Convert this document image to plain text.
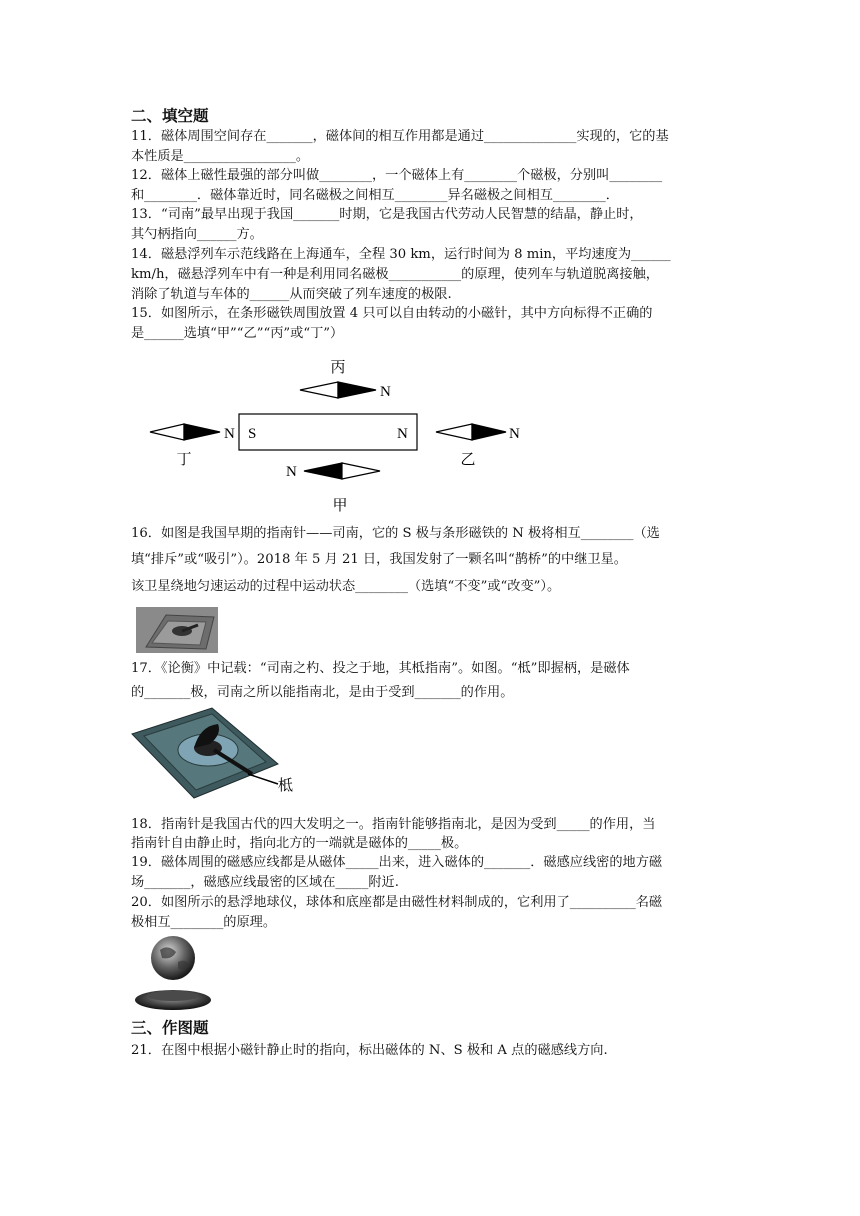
二、填空题
11．磁体周围空间存在_______，磁体间的相互作用都是通过______________实现的，它的基
本性质是_________________。
12．磁体上磁性最强的部分叫做________，一个磁体上有________个磁极，分别叫________
和________．磁体靠近时，同名磁极之间相互________异名磁极之间相互________．
13．“司南”最早出现于我国_______时期，它是我国古代劳动人民智慧的结晶，静止时，
其勺柄指向______方。
14．磁悬浮列车示范线路在上海通车，全程 30 km，运行时间为 8 min，平均速度为______
km/h，磁悬浮列车中有一种是利用同名磁极___________的原理，使列车与轨道脱离接触，
消除了轨道与车体的______从而突破了列车速度的极限.
15．如图所示，在条形磁铁周围放置 4 只可以自由转动的小磁针，其中方向标得不正确的
是______选填“甲”“乙”“丙”或“丁”）
丙
N
S	N
N
丁
N
乙
N
甲
16．如图是我国早期的指南针——司南，它的 S 极与条形磁铁的 N 极将相互________（选
填“排斥”或“吸引”）。2018 年 5 月 21 日，我国发射了一颗名叫“鹊桥”的中继卫星。
该卫星绕地匀速运动的过程中运动状态________（选填“不变”或“改变”）。
17．《论衡》中记载：“司南之杓、投之于地，其柢指南”。如图。“柢”即握柄，是磁体
的_______极，司南之所以能指南北，是由于受到_______的作用。
柢
18．指南针是我国古代的四大发明之一。指南针能够指南北，是因为受到_____的作用，当
指南针自由静止时，指向北方的一端就是磁体的_____极。
19．磁体周围的磁感应线都是从磁体_____出来，进入磁体的_______．磁感应线密的地方磁
场_______，磁感应线最密的区域在_____附近.
20．如图所示的悬浮地球仪，球体和底座都是由磁性材料制成的，它利用了__________名磁
极相互________的原理。
三、作图题
21．在图中根据小磁针静止时的指向，标出磁体的 N、S 极和 A 点的磁感线方向.
